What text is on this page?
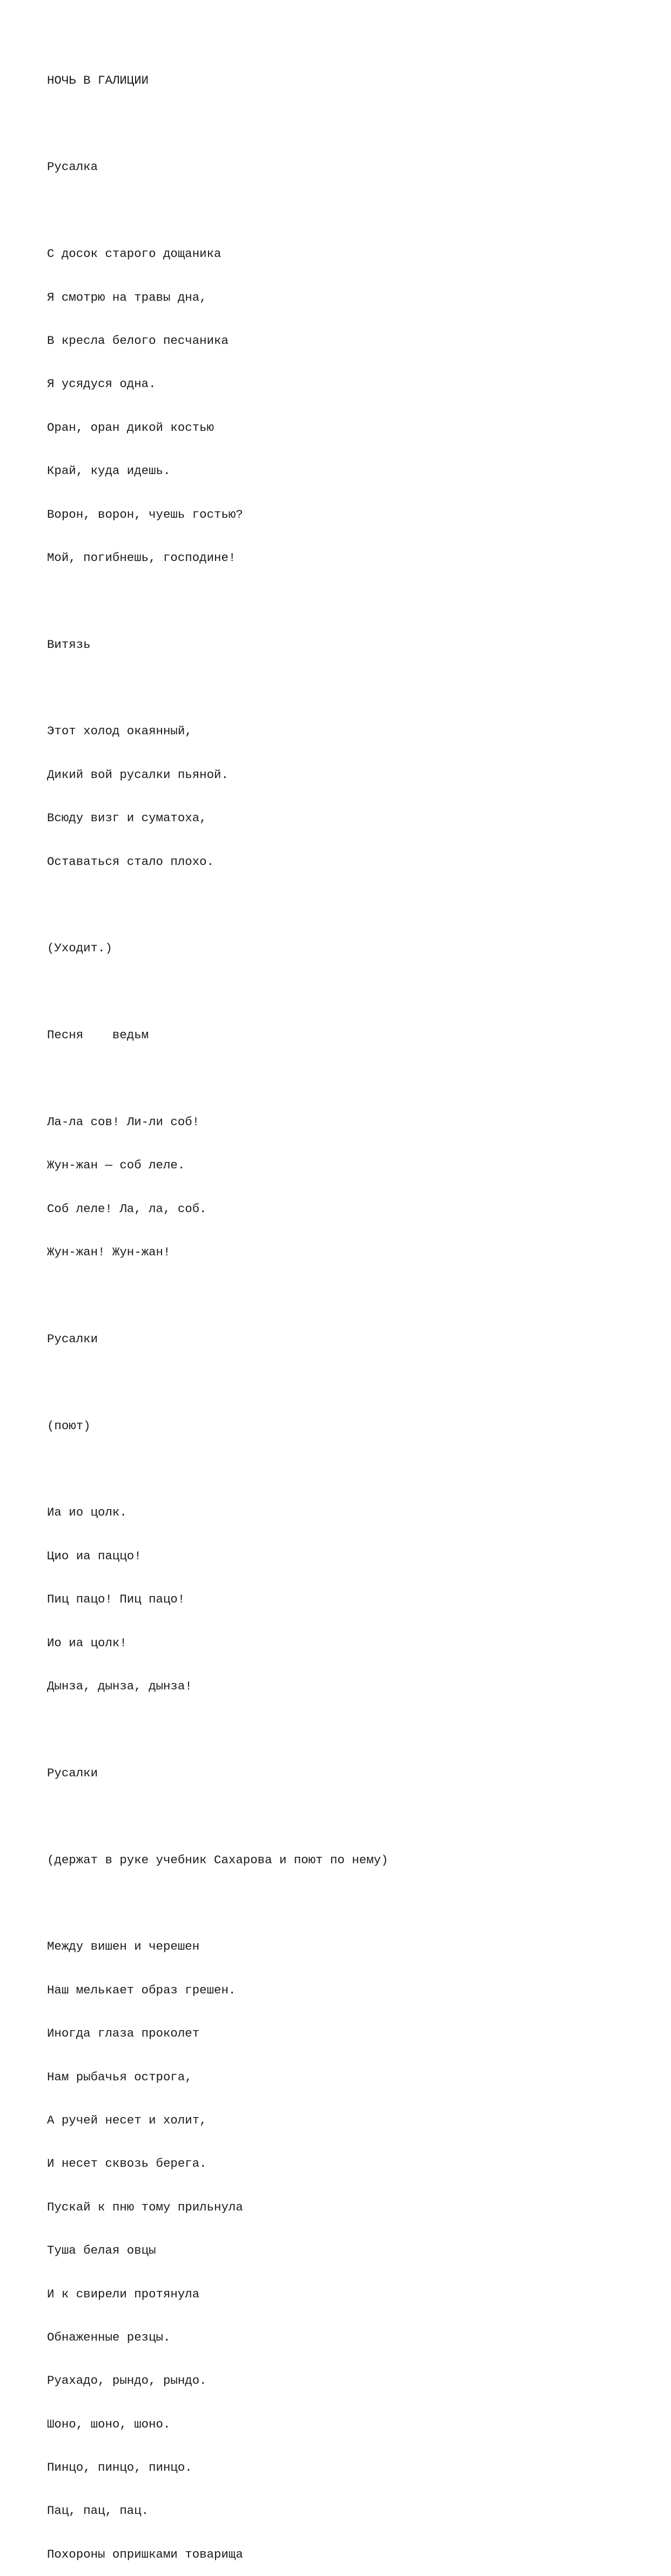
НОЧЬ В ГАЛИЦИИ

Русалка

С досок старого дощаника

Я смотрю на травы дна,

В кресла белого песчаника

Я усядуся одна.

Оран, оран дикой костью

Край, куда идешь.

Ворон, ворон, чуешь гостью?

Мой, погибнешь, господине!

Витязь

Этот холод окаянный,

Дикий вой русалки пьяной.

Всюду визг и суматоха,

Оставаться стало плохо.

(Уходит.)

Песня    ведьм

Ла-ла сов! Ли-ли соб!

Жун-жан — соб леле.

Соб леле! Ла, ла, соб.

Жун-жан! Жун-жан!

Русалки

(поют)

Иа ио цолк.

Цио иа паццо!

Пиц пацо! Пиц пацо!

Ио иа цолк!

Дынза, дынза, дынза!

Русалки

(держат в руке учебник Сахарова и поют по нему)

Между вишен и черешен

Наш мелькает образ грешен.

Иногда глаза проколет

Нам рыбачья острога,

А ручей несет и холит,

И несет сквозь берега.

Пускай к пню тому прильнула

Туша белая овцы

И к свирели протянула

Обнаженные резцы.

Руахадо, рындо, рындо.

Шоно, шоно, шоно.

Пинцо, пинцо, пинцо.

Пац, пац, пац.

Похороны опришками товарища
